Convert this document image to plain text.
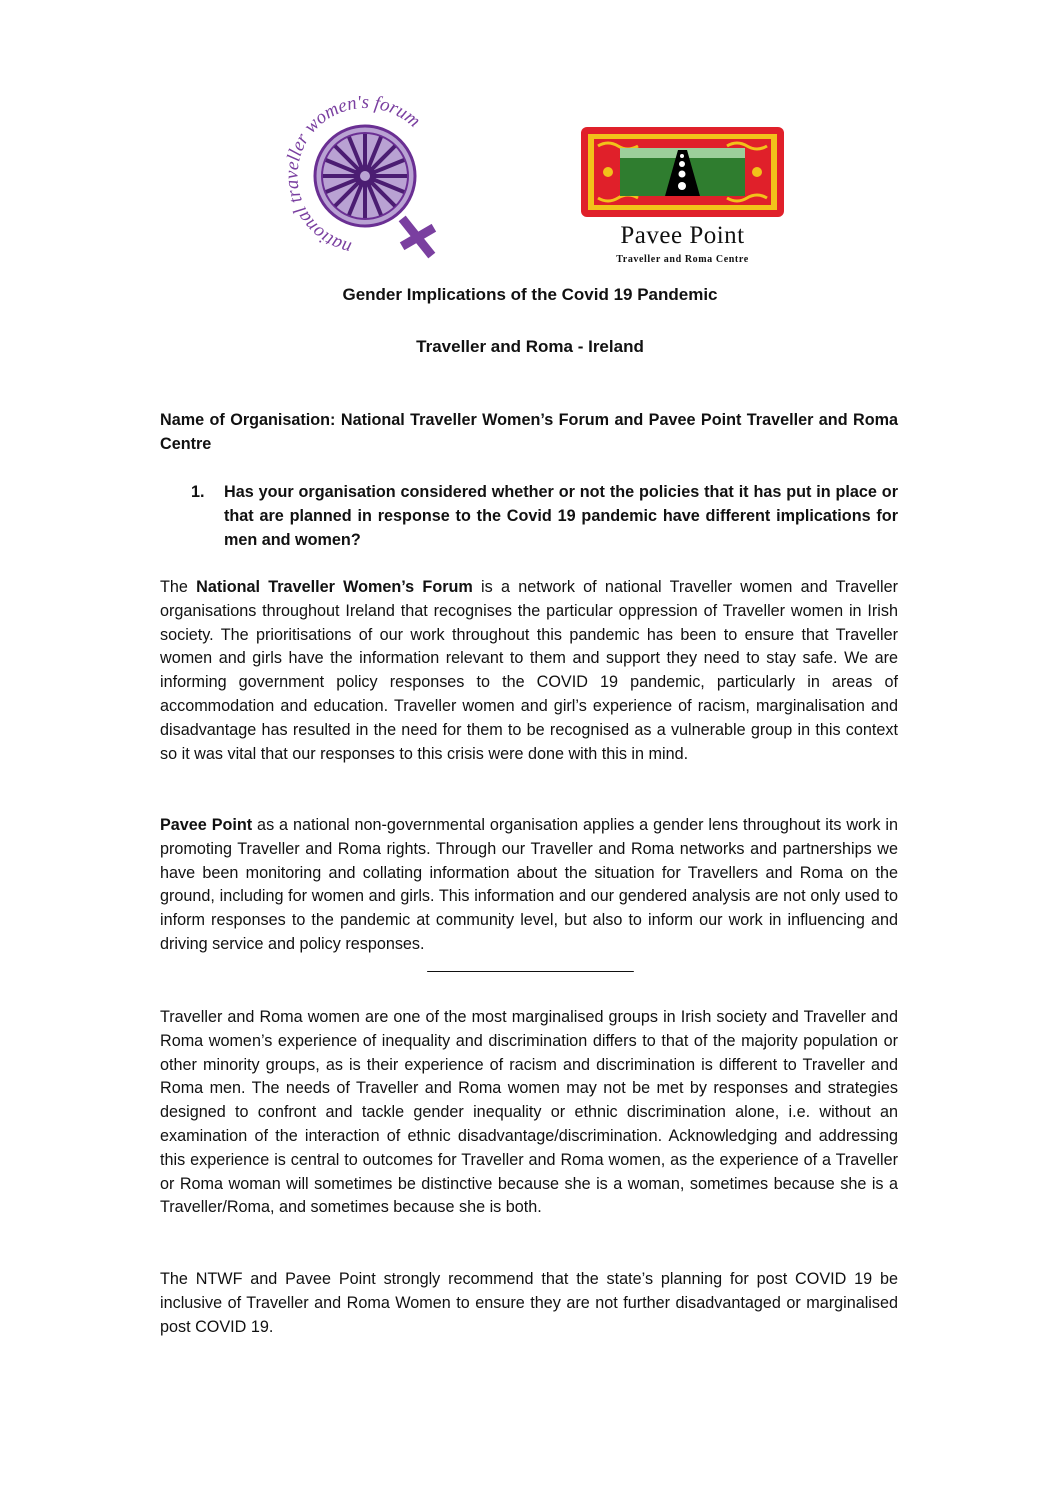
national traveller women's forum
Pavee Point
Traveller and Roma Centre
Gender Implications of the Covid 19 Pandemic
Traveller and Roma - Ireland

Name of Organisation: National Traveller Women’s Forum and Pavee Point Traveller and Roma Centre

1. Has your organisation considered whether or not the policies that it has put in place or that are planned in response to the Covid 19 pandemic have different implications for men and women?

The National Traveller Women’s Forum is a network of national Traveller women and Traveller organisations throughout Ireland that recognises the particular oppression of Traveller women in Irish society. The prioritisations of our work throughout this pandemic has been to ensure that Traveller women and girls have the information relevant to them and support they need to stay safe. We are informing government policy responses to the COVID 19 pandemic, particularly in areas of accommodation and education. Traveller women and girl’s experience of racism, marginalisation and disadvantage has resulted in the need for them to be recognised as a vulnerable group in this context so it was vital that our responses to this crisis were done with this in mind.

Pavee Point as a national non-governmental organisation applies a gender lens throughout its work in promoting Traveller and Roma rights. Through our Traveller and Roma networks and partnerships we have been monitoring and collating information about the situation for Travellers and Roma on the ground, including for women and girls. This information and our gendered analysis are not only used to inform responses to the pandemic at community level, but also to inform our work in influencing and driving service and policy responses.

__________________________

Traveller and Roma women are one of the most marginalised groups in Irish society and Traveller and Roma women’s experience of inequality and discrimination differs to that of the majority population or other minority groups, as is their experience of racism and discrimination is different to Traveller and Roma men. The needs of Traveller and Roma women may not be met by responses and strategies designed to confront and tackle gender inequality or ethnic discrimination alone, i.e. without an examination of the interaction of ethnic disadvantage/discrimination. Acknowledging and addressing this experience is central to outcomes for Traveller and Roma women, as the experience of a Traveller or Roma woman will sometimes be distinctive because she is a woman, sometimes because she is a Traveller/Roma, and sometimes because she is both.

The NTWF and Pavee Point strongly recommend that the state’s planning for post COVID 19 be inclusive of Traveller and Roma Women to ensure they are not further disadvantaged or marginalised post COVID 19.
